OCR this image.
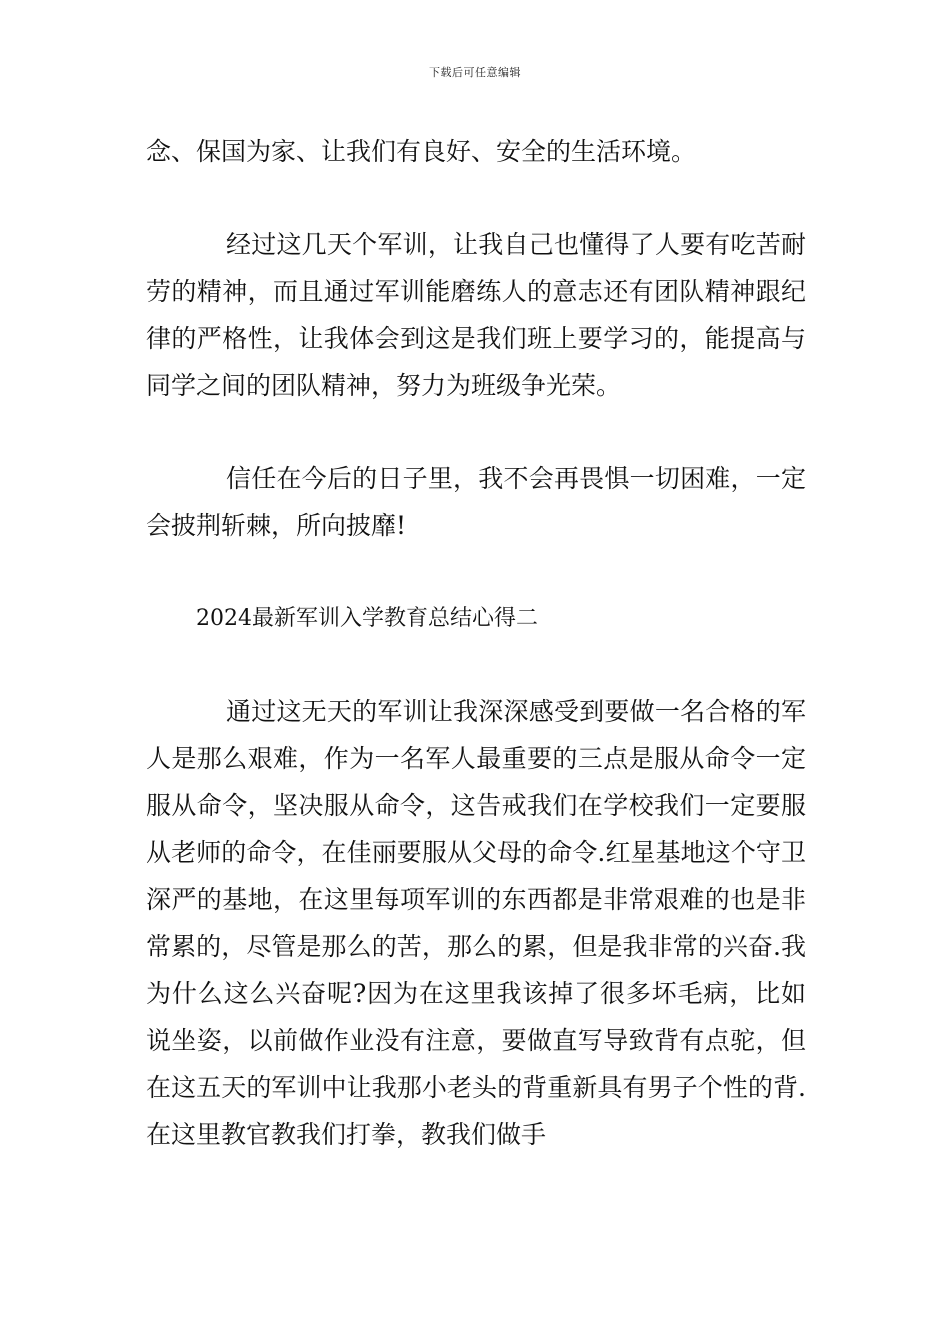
下载后可任意编辑

念、保国为家、让我们有良好、安全的生活环境。

经过这几天个军训，让我自己也懂得了人要有吃苦耐劳的精神，而且通过军训能磨练人的意志还有团队精神跟纪律的严格性，让我体会到这是我们班上要学习的，能提高与同学之间的团队精神，努力为班级争光荣。

信任在今后的日子里，我不会再畏惧一切困难，一定会披荆斩棘，所向披靡!

2024最新军训入学教育总结心得二

通过这无天的军训让我深深感受到要做一名合格的军人是那么艰难，作为一名军人最重要的三点是服从命令一定服从命令，坚决服从命令，这告戒我们在学校我们一定要服从老师的命令，在佳丽要服从父母的命令.红星基地这个守卫深严的基地，在这里每项军训的东西都是非常艰难的也是非常累的，尽管是那么的苦，那么的累，但是我非常的兴奋.我为什么这么兴奋呢?因为在这里我该掉了很多坏毛病，比如说坐姿，以前做作业没有注意，要做直写导致背有点驼，但在这五天的军训中让我那小老头的背重新具有男子个性的背.在这里教官教我们打拳，教我们做手
